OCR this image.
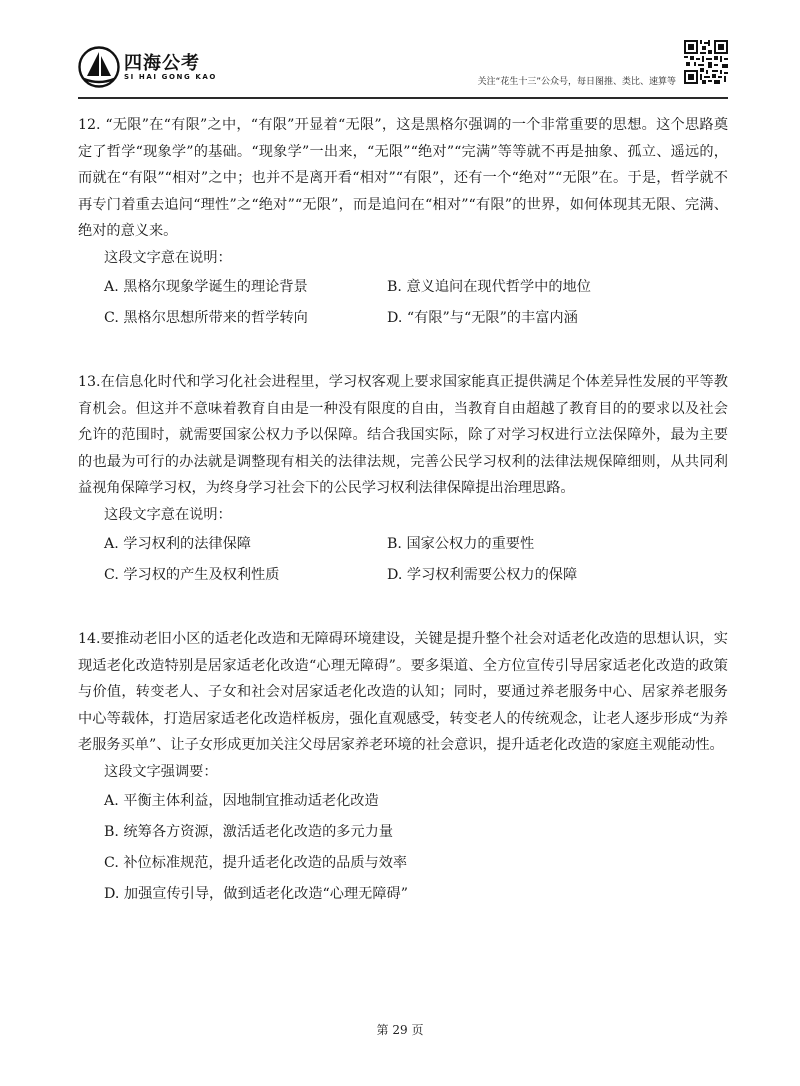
四海公考
SI HAI GONG KAO	关注“花生十三”公众号，每日图推、类比、速算等

12. “无限”在“有限”之中，“有限”开显着“无限”，这是黑格尔强调的一个非常重要的思想。这个思路奠定了哲学“现象学”的基础。“现象学”一出来，“无限”“绝对”“完满”等等就不再是抽象、孤立、遥远的，而就在“有限”“相对”之中；也并不是离开看“相对”“有限”，还有一个“绝对”“无限”在。于是，哲学就不再专门着重去追问“理性”之“绝对”“无限”，而是追问在“相对”“有限”的世界，如何体现其无限、完满、绝对的意义来。

这段文字意在说明：

A. 黑格尔现象学诞生的理论背景	B. 意义追问在现代哲学中的地位
C. 黑格尔思想所带来的哲学转向	D. “有限”与“无限”的丰富内涵

13.在信息化时代和学习化社会进程里，学习权客观上要求国家能真正提供满足个体差异性发展的平等教育机会。但这并不意味着教育自由是一种没有限度的自由，当教育自由超越了教育目的的要求以及社会允许的范围时，就需要国家公权力予以保障。结合我国实际，除了对学习权进行立法保障外，最为主要的也最为可行的办法就是调整现有相关的法律法规，完善公民学习权利的法律法规保障细则，从共同利益视角保障学习权，为终身学习社会下的公民学习权利法律保障提出治理思路。

这段文字意在说明：

A. 学习权利的法律保障	B. 国家公权力的重要性
C. 学习权的产生及权利性质	D. 学习权利需要公权力的保障

14.要推动老旧小区的适老化改造和无障碍环境建设，关键是提升整个社会对适老化改造的思想认识，实现适老化改造特别是居家适老化改造“心理无障碍”。要多渠道、全方位宣传引导居家适老化改造的政策与价值，转变老人、子女和社会对居家适老化改造的认知；同时，要通过养老服务中心、居家养老服务中心等载体，打造居家适老化改造样板房，强化直观感受，转变老人的传统观念，让老人逐步形成“为养老服务买单”、让子女形成更加关注父母居家养老环境的社会意识，提升适老化改造的家庭主观能动性。

这段文字强调要：

A. 平衡主体利益，因地制宜推动适老化改造
B. 统筹各方资源，激活适老化改造的多元力量
C. 补位标准规范，提升适老化改造的品质与效率
D. 加强宣传引导，做到适老化改造“心理无障碍”
第 29 页
